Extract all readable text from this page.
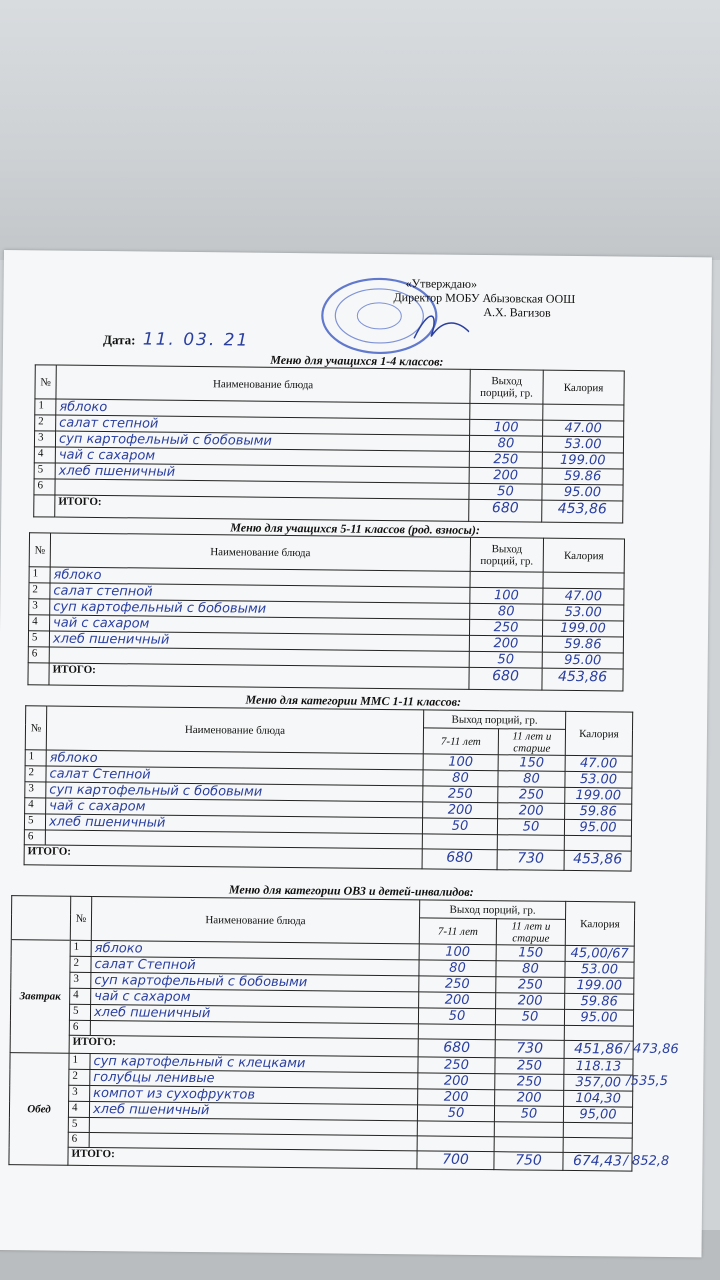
«Утверждаю»
Директор МОБУ Абызовская ООШ
А.Х. Вагизов
Дата: 11. 03. 21
Меню для учащихся 1-4 классов:
№	Наименование блюда	Выход порций, гр.	Калория
1	яблоко		
2	салат степной	100	47.00
3	суп картофельный с бобовыми	80	53.00
4	чай с сахаром	250	199.00
5	хлеб пшеничный	200	59.86
6		50	95.00
	ИТОГО:	680	453,86
Меню для учащихся 5-11 классов (род. взносы):
№	Наименование блюда	Выход порций, гр.	Калория
1	яблоко		
2	салат степной	100	47.00
3	суп картофельный с бобовыми	80	53.00
4	чай с сахаром	250	199.00
5	хлеб пшеничный	200	59.86
6		50	95.00
	ИТОГО:	680	453,86
Меню для категории ММС 1-11 классов:
№	Наименование блюда	Выход порций, гр.		Калория
		7-11 лет	11 лет и старше	
1	яблоко	100	150	47.00
2	салат Степной	80	80	53.00
3	суп картофельный с бобовыми	250	250	199.00
4	чай с сахаром	200	200	59.86
5	хлеб пшеничный	50	50	95.00
6				
ИТОГО:		680	730	453,86
Меню для категории ОВЗ и детей-инвалидов:
	№	Наименование блюда	Выход порций, гр.		Калория
			7-11 лет	11 лет и старше	
Завтрак	1	яблоко	100	150	45,00/67
	2	салат Степной	80	80	53.00
	3	суп картофельный с бобовыми	250	250	199.00
	4	чай с сахаром	200	200	59.86
	5	хлеб пшеничный	50	50	95.00
	6				
	ИТОГО:		680	730	451,86 / 473,86

Обед	1	суп картофельный с клецками	250	250	118.13
	2	голубцы ленивые	200	250	357,00 /535,5

	3	компот из сухофруктов	200	200	104,30
	4	хлеб пшеничный	50	50	95,00
	5				
	6				
	ИТОГО:		700	750	674,43 / 852,8
